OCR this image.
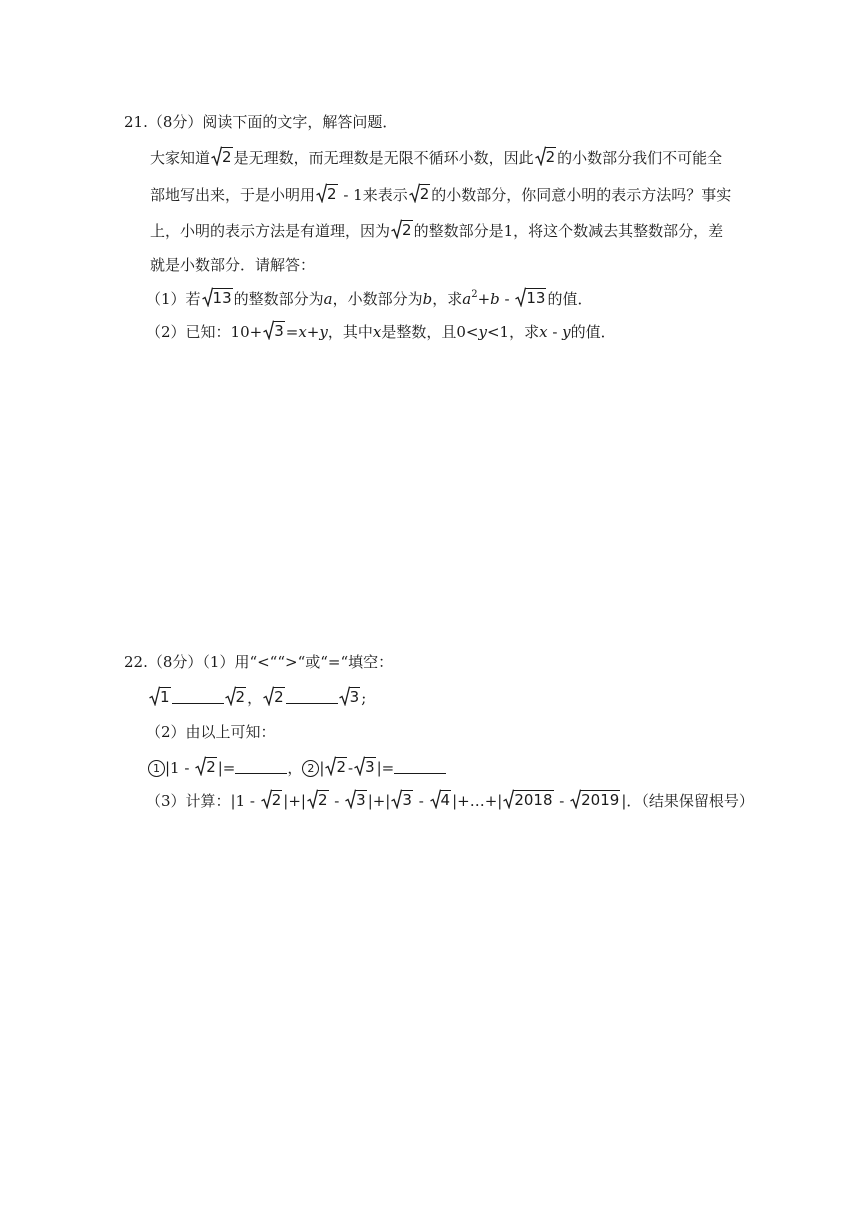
21.（8分）阅读下面的文字，解答问题．
大家知道 2 是无理数，而无理数是无限不循环小数，因此 2 的小数部分我们不可能全
部地写出来，于是小明用 2 - 1来表示 2 的小数部分，你同意小明的表示方法吗？事实
上，小明的表示方法是有道理，因为 2 的整数部分是1，将这个数减去其整数部分，差
就是小数部分．请解答：
（1）若 13 的整数部分为a，小数部分为b，求$a^2+b - 13$ 的值．
（2）已知：10+ 3 =x+y，其中x是整数，且0<y<1，求x - y的值．
22.（8分）（1）用“<““>“或“=“填空：
1	2 ， 2	3 ;
（2）由以上可知：
1 |1 - 2 |=	， 2 | 2 - 3 |=
（3）计算：|1 - 2 |+| 2 - 3 |+| 3 - 4 |+…+| 2018 - 2019 |．（结果保留根号）
